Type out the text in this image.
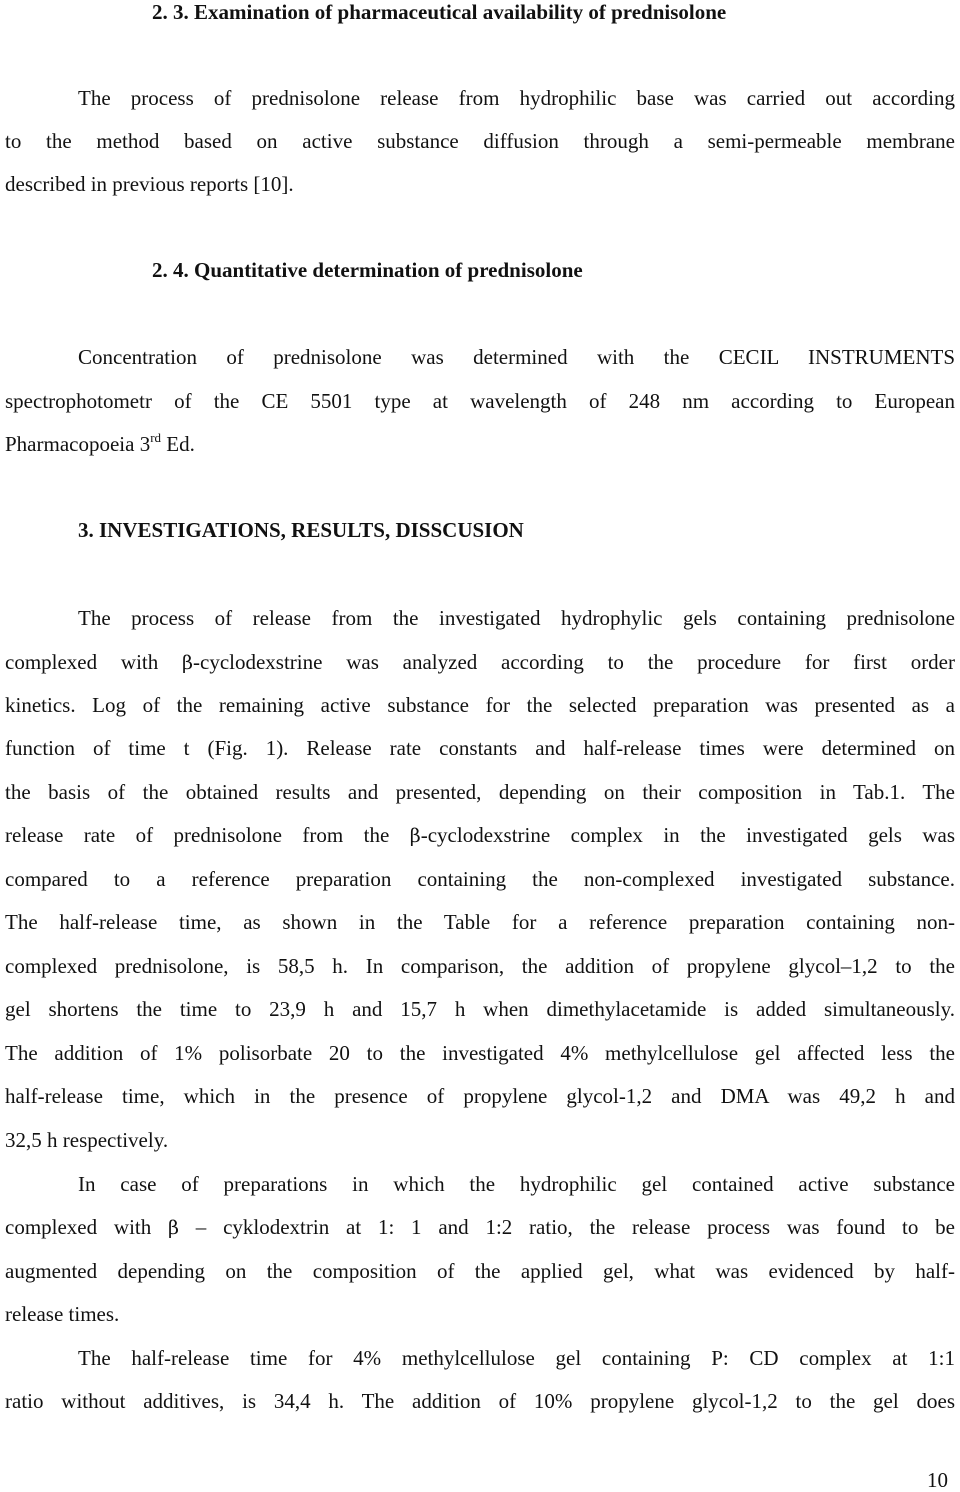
2. 3. Examination of pharmaceutical availability of prednisolone
The process of prednisolone release from hydrophilic base was carried out according
to the method based on active substance diffusion through a semi-permeable membrane
described in previous reports [10].
2. 4. Quantitative determination of prednisolone
Concentration of prednisolone was determined with the CECIL INSTRUMENTS
spectrophotometr of the CE 5501 type at wavelength of 248 nm according to European
Pharmacopoeia 3rd Ed.
3. INVESTIGATIONS, RESULTS, DISSCUSION
The process of release from the investigated hydrophylic gels containing prednisolone
complexed with β-cyclodexstrine was analyzed according to the procedure for first order
kinetics. Log of the remaining active substance for the selected preparation was presented as a
function of time t (Fig. 1). Release rate constants and half-release times were determined on
the basis of the obtained results and presented, depending on their composition in Tab.1. The
release rate of prednisolone from the β-cyclodexstrine complex in the investigated gels was
compared to a reference preparation containing the non-complexed investigated substance.
The half-release time, as shown in the Table for a reference preparation containing non-
complexed prednisolone, is 58,5 h. In comparison, the addition of propylene glycol–1,2 to the
gel shortens the time to 23,9 h and 15,7 h when dimethylacetamide is added simultaneously.
The addition of 1% polisorbate 20 to the investigated 4% methylcellulose gel affected less the
half-release time, which in the presence of propylene glycol-1,2 and DMA was 49,2 h and
32,5 h respectively.
In case of preparations in which the hydrophilic gel contained active substance
complexed with β – cyklodextrin at 1: 1 and 1:2 ratio, the release process was found to be
augmented depending on the composition of the applied gel, what was evidenced by half-
release times.
The half-release time for 4% methylcellulose gel containing P: CD complex at 1:1
ratio without additives, is 34,4 h. The addition of 10% propylene glycol-1,2 to the gel does
10
